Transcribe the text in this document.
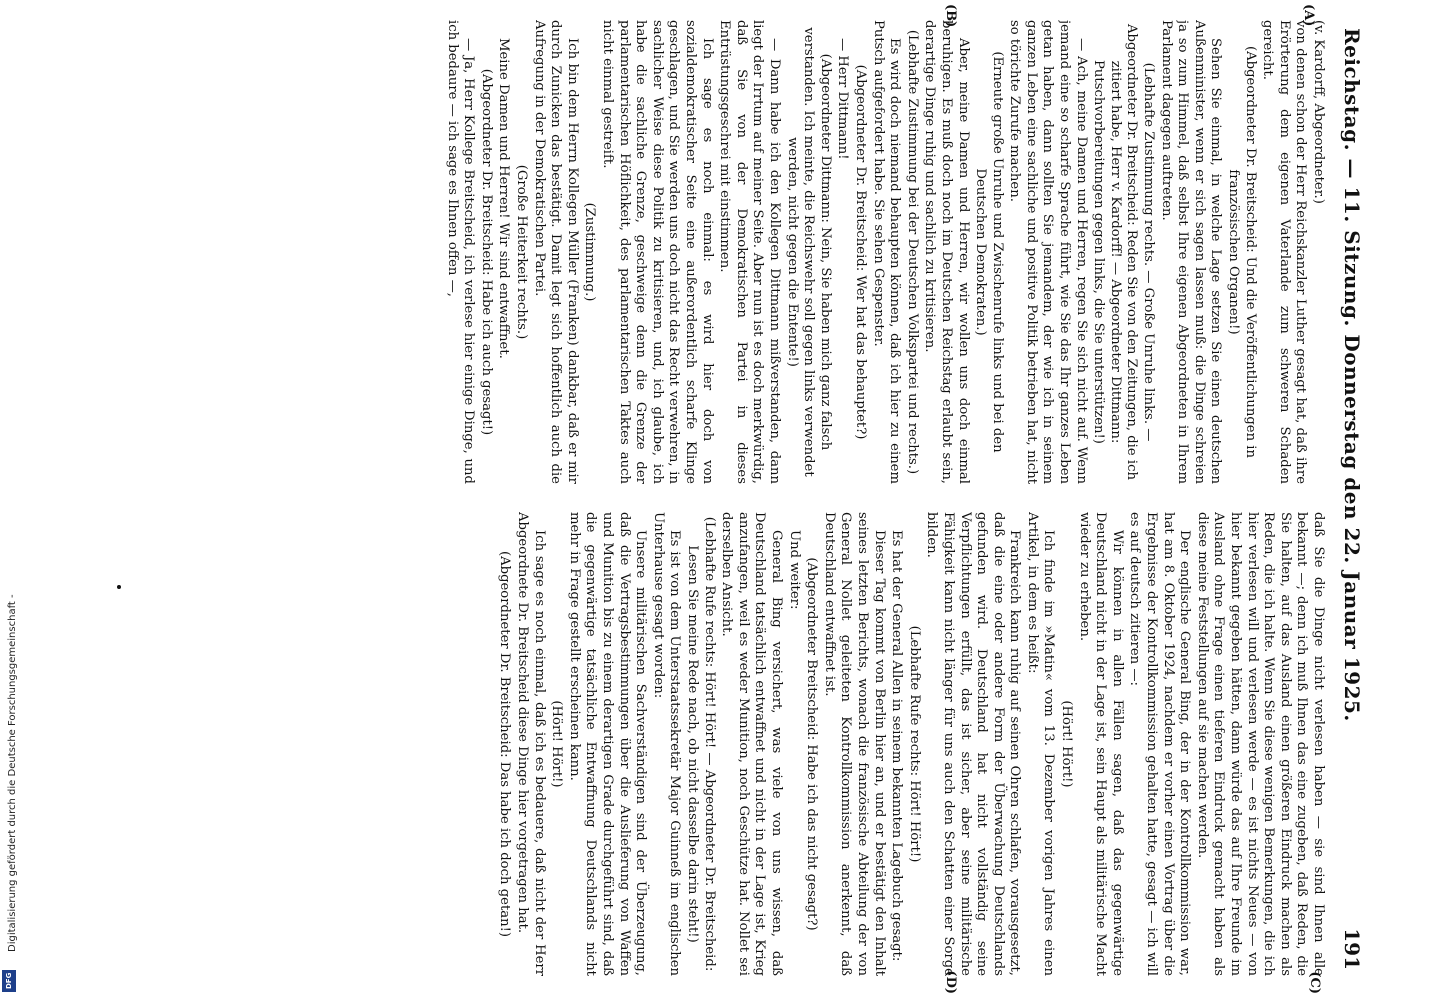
Reichstag. — 11. Sitzung. Donnerstag den 22. Januar 1925.
191
(A)
(B)
(C)
(D)

(v. Kardorff, Abgeordneter.)

von denen schon der Herr Reichskanzler Luther gesagt hat, daß ihre Erörterung dem eigenen Vaterlande zum schweren Schaden gereicht.

(Abgeordneter Dr. Breitscheid: Und die Veröffentlichungen in französischen Organen!)

Sehen Sie einmal, in welche Lage setzen Sie einen deutschen Außenminister, wenn er sich sagen lassen muß: die Dinge schreien ja so zum Himmel, daß selbst Ihre eigenen Abgeordneten in Ihrem Parlament dagegen auftreten.

(Lebhafte Zustimmung rechts. — Große Unruhe links. — Abgeordneter Dr. Breitscheid: Reden Sie von den Zeitungen, die ich zitiert habe, Herr v. Kardorff! — Abgeordneter Dittmann: Putschvorbereitungen gegen links, die Sie unterstützen!)

— Ach, meine Damen und Herren, regen Sie sich nicht auf. Wenn jemand eine so scharfe Sprache führt, wie Sie das Ihr ganzes Leben getan haben, dann sollten Sie jemandem, der wie ich in seinem ganzen Leben eine sachliche und positive Politik betrieben hat, nicht so törichte Zurufe machen.

(Erneute große Unruhe und Zwischenrufe links und bei den Deutschen Demokraten.)

Aber, meine Damen und Herren, wir wollen uns doch einmal beruhigen. Es muß doch noch im Deutschen Reichstag erlaubt sein, derartige Dinge ruhig und sachlich zu kritisieren.

(Lebhafte Zustimmung bei der Deutschen Volkspartei und rechts.)

Es wird doch niemand behaupten können, daß ich hier zu einem Putsch aufgefordert habe. Sie sehen Gespenster.

(Abgeordneter Dr. Breitscheid: Wer hat das behauptet?)

— Herr Dittmann!

(Abgeordneter Dittmann: Nein, Sie haben mich ganz falsch verstanden. Ich meinte, die Reichswehr soll gegen links verwendet werden, nicht gegen die Entente!)

— Dann habe ich den Kollegen Dittmann mißverstanden, dann liegt der Irrtum auf meiner Seite. Aber nun ist es doch merkwürdig, daß Sie von der Demokratischen Partei in dieses Entrüstungsgeschrei mit einstimmen.

Ich sage es noch einmal: es wird hier doch von sozialdemokratischer Seite eine außerordentlich scharfe Klinge geschlagen, und Sie werden uns doch nicht das Recht verwehren, in sachlicher Weise diese Politik zu kritisieren, und, ich glaube, ich habe die sachliche Grenze, geschweige denn die Grenze der parlamentarischen Höflichkeit, des parlamentarischen Taktes auch nicht einmal gestreift.

(Zustimmung.)

Ich bin dem Herrn Kollegen Müller (Franken) dankbar, daß er mir durch Zunicken das bestätigt. Damit legt sich hoffentlich auch die Aufregung in der Demokratischen Partei.

(Große Heiterkeit rechts.)

Meine Damen und Herren! Wir sind entwaffnet.

(Abgeordneter Dr. Breitscheid: Habe ich auch gesagt!)

— Ja, Herr Kollege Breitscheid, ich verlese hier einige Dinge, und ich bedaure — ich sage es Ihnen offen —,

daß Sie die Dinge nicht verlesen haben — sie sind Ihnen alle bekannt —; denn ich muß Ihnen das eine zugeben, daß Reden, die Sie halten, auf das Ausland einen größeren Eindruck machen als Reden, die ich halte. Wenn Sie diese wenigen Bemerkungen, die ich hier verlesen will und verlesen werde — es ist nichts Neues — von hier bekannt gegeben hätten, dann würde das auf Ihre Freunde im Ausland ohne Frage einen tieferen Eindruck gemacht haben als diese meine Feststellungen auf sie machen werden.

Der englische General Bing, der in der Kontrollkommission war, hat am 8. Oktober 1924, nachdem er vorher einen Vortrag über die Ergebnisse der Kontrollkommission gehalten hatte, gesagt — ich will es auf deutsch zitieren —:

Wir können in allen Fällen sagen, daß das gegenwärtige Deutschland nicht in der Lage ist, sein Haupt als militärische Macht wieder zu erheben.

(Hört! Hört!)

Ich finde im »Matin« vom 13. Dezember vorigen Jahres einen Artikel, in dem es heißt:

Frankreich kann ruhig auf seinen Ohren schlafen, vorausgesetzt, daß die eine oder andere Form der Überwachung Deutschlands gefunden wird. Deutschland hat nicht vollständig seine Verpflichtungen erfüllt, das ist sicher, aber seine militärische Fähigkeit kann nicht länger für uns auch den Schatten einer Sorge bilden.

(Lebhafte Rufe rechts: Hört! Hört!)

Es hat der General Allen in seinem bekannten Lagebuch gesagt:

Dieser Tag kommt von Berlin hier an, und er bestätigt den Inhalt seines letzten Berichts, wonach die französische Abteilung der von General Nollet geleiteten Kontrollkommission anerkennt, daß Deutschland entwaffnet ist.

(Abgeordneter Breitscheid: Habe ich das nicht gesagt?)

Und weiter:

General Bing versichert, was viele von uns wissen, daß Deutschland tatsächlich entwaffnet und nicht in der Lage ist, Krieg anzufangen, weil es weder Munition, noch Geschütze hat. Nollet sei derselben Ansicht.

(Lebhafte Rufe rechts: Hört! Hört! — Abgeordneter Dr. Breitscheid: Lesen Sie meine Rede nach, ob nicht dasselbe darin steht!)

Es ist von dem Unterstaatssekretär Major Guinneß im englischen Unterhause gesagt worden:

Unsere militärischen Sachverständigen sind der Überzeugung, daß die Vertragsbestimmungen über die Auslieferung von Waffen und Munition bis zu einem derartigen Grade durchgeführt sind, daß die gegenwärtige tatsächliche Entwaffnung Deutschlands nicht mehr in Frage gestellt erscheinen kann.

(Hört! Hört!)

Ich sage es noch einmal, daß ich es bedauere, daß nicht der Herr Abgeordnete Dr. Breitscheid diese Dinge hier vorgetragen hat.

(Abgeordneter Dr. Breitscheid: Das habe ich doch getan!)

Digitalisierung gefördert durch die Deutsche Forschungsgemeinschaft -
DFG
